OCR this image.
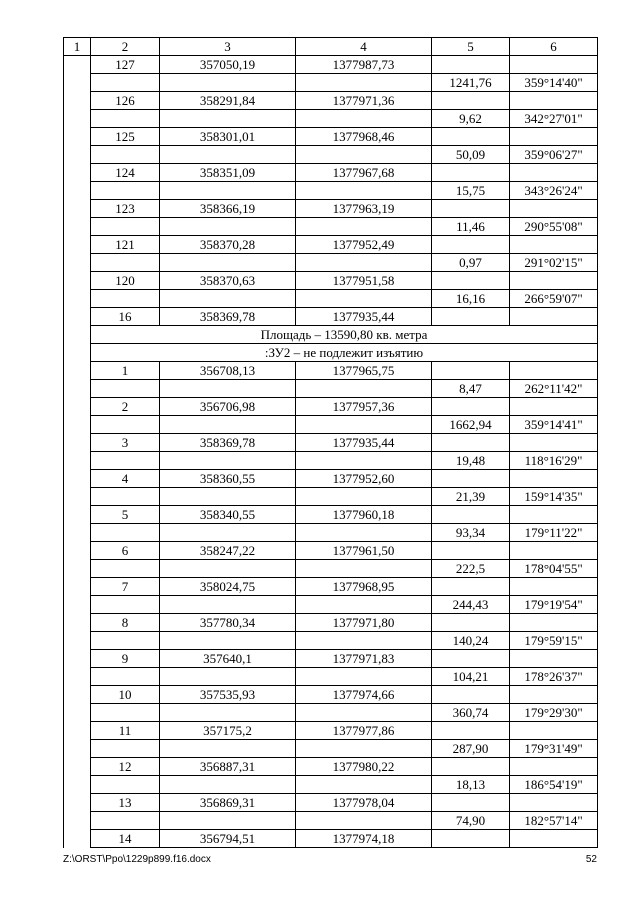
1	2	3	4	5	6
	127	357050,19	1377987,73		
				1241,76	359°14'40"
	126	358291,84	1377971,36		
				9,62	342°27'01"
	125	358301,01	1377968,46		
				50,09	359°06'27"
	124	358351,09	1377967,68		
				15,75	343°26'24"
	123	358366,19	1377963,19		
				11,46	290°55'08"
	121	358370,28	1377952,49		
				0,97	291°02'15"
	120	358370,63	1377951,58		
				16,16	266°59'07"
	16	358369,78	1377935,44		
	Площадь – 13590,80 кв. метра				
	:ЗУ2 – не подлежит изъятию				
	1	356708,13	1377965,75		
				8,47	262°11'42"
	2	356706,98	1377957,36		
				1662,94	359°14'41"
	3	358369,78	1377935,44		
				19,48	118°16'29"
	4	358360,55	1377952,60		
				21,39	159°14'35"
	5	358340,55	1377960,18		
				93,34	179°11'22"
	6	358247,22	1377961,50		
				222,5	178°04'55"
	7	358024,75	1377968,95		
				244,43	179°19'54"
	8	357780,34	1377971,80		
				140,24	179°59'15"
	9	357640,1	1377971,83		
				104,21	178°26'37"
	10	357535,93	1377974,66		
				360,74	179°29'30"
	11	357175,2	1377977,86		
				287,90	179°31'49"
	12	356887,31	1377980,22		
				18,13	186°54'19"
	13	356869,31	1377978,04		
				74,90	182°57'14"
	14	356794,51	1377974,18		
Z:\ORST\Ppo\1229p899.f16.docx	52
